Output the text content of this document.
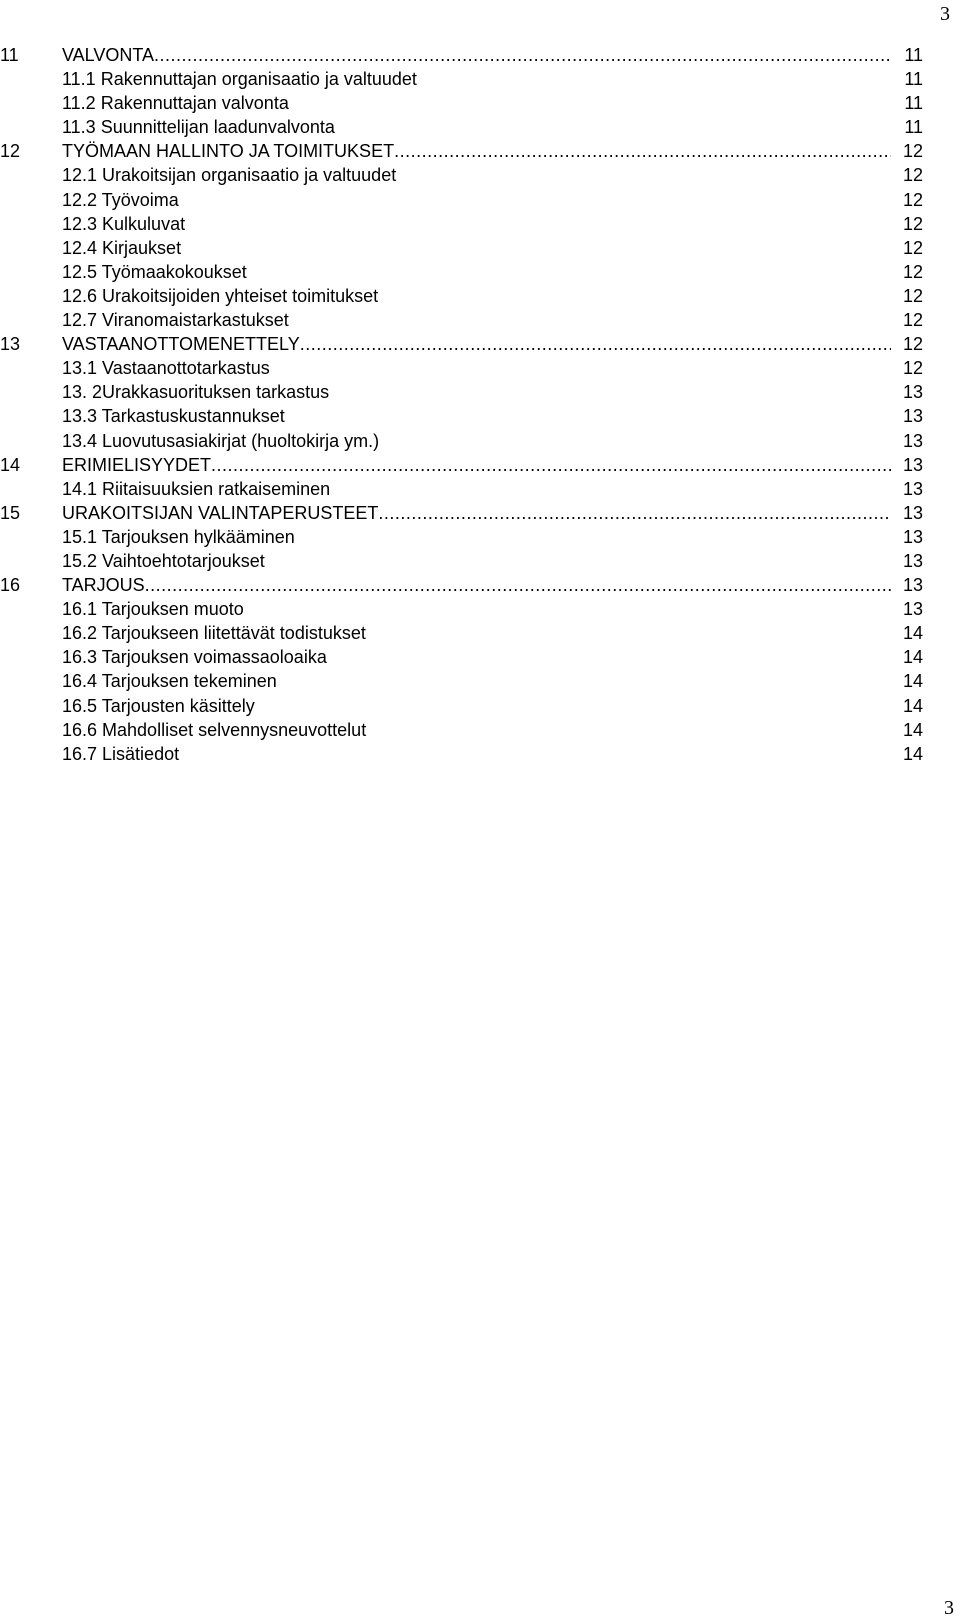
3
11 VALVONTA .....	11
11.1 Rakennuttajan organisaatio ja valtuudet	11
11.2 Rakennuttajan valvonta	11
11.3 Suunnittelijan laadunvalvonta	11
12 TYÖMAAN HALLINTO JA TOIMITUKSET .....	12
12.1 Urakoitsijan organisaatio ja valtuudet	12
12.2 Työvoima	12
12.3 Kulkuluvat	12
12.4 Kirjaukset	12
12.5 Työmaakokoukset	12
12.6 Urakoitsijoiden yhteiset toimitukset	12
12.7 Viranomaistarkastukset	12
13 VASTAANOTTOMENETTELY .....	12
13.1 Vastaanottotarkastus	12
13. 2Urakkasuorituksen tarkastus	13
13.3 Tarkastuskustannukset	13
13.4 Luovutusasiakirjat (huoltokirja ym.)	13
14 ERIMIELISYYDET .....	13
14.1 Riitaisuuksien ratkaiseminen	13
15 URAKOITSIJAN VALINTAPERUSTEET .....	13
15.1 Tarjouksen hylkääminen	13
15.2 Vaihtoehtotarjoukset	13
16 TARJOUS .....	13
16.1 Tarjouksen muoto	13
16.2 Tarjoukseen liitettävät todistukset	14
16.3 Tarjouksen voimassaoloaika	14
16.4 Tarjouksen tekeminen	14
16.5 Tarjousten käsittely	14
16.6 Mahdolliset selvennysneuvottelut	14
16.7 Lisätiedot	14
3
